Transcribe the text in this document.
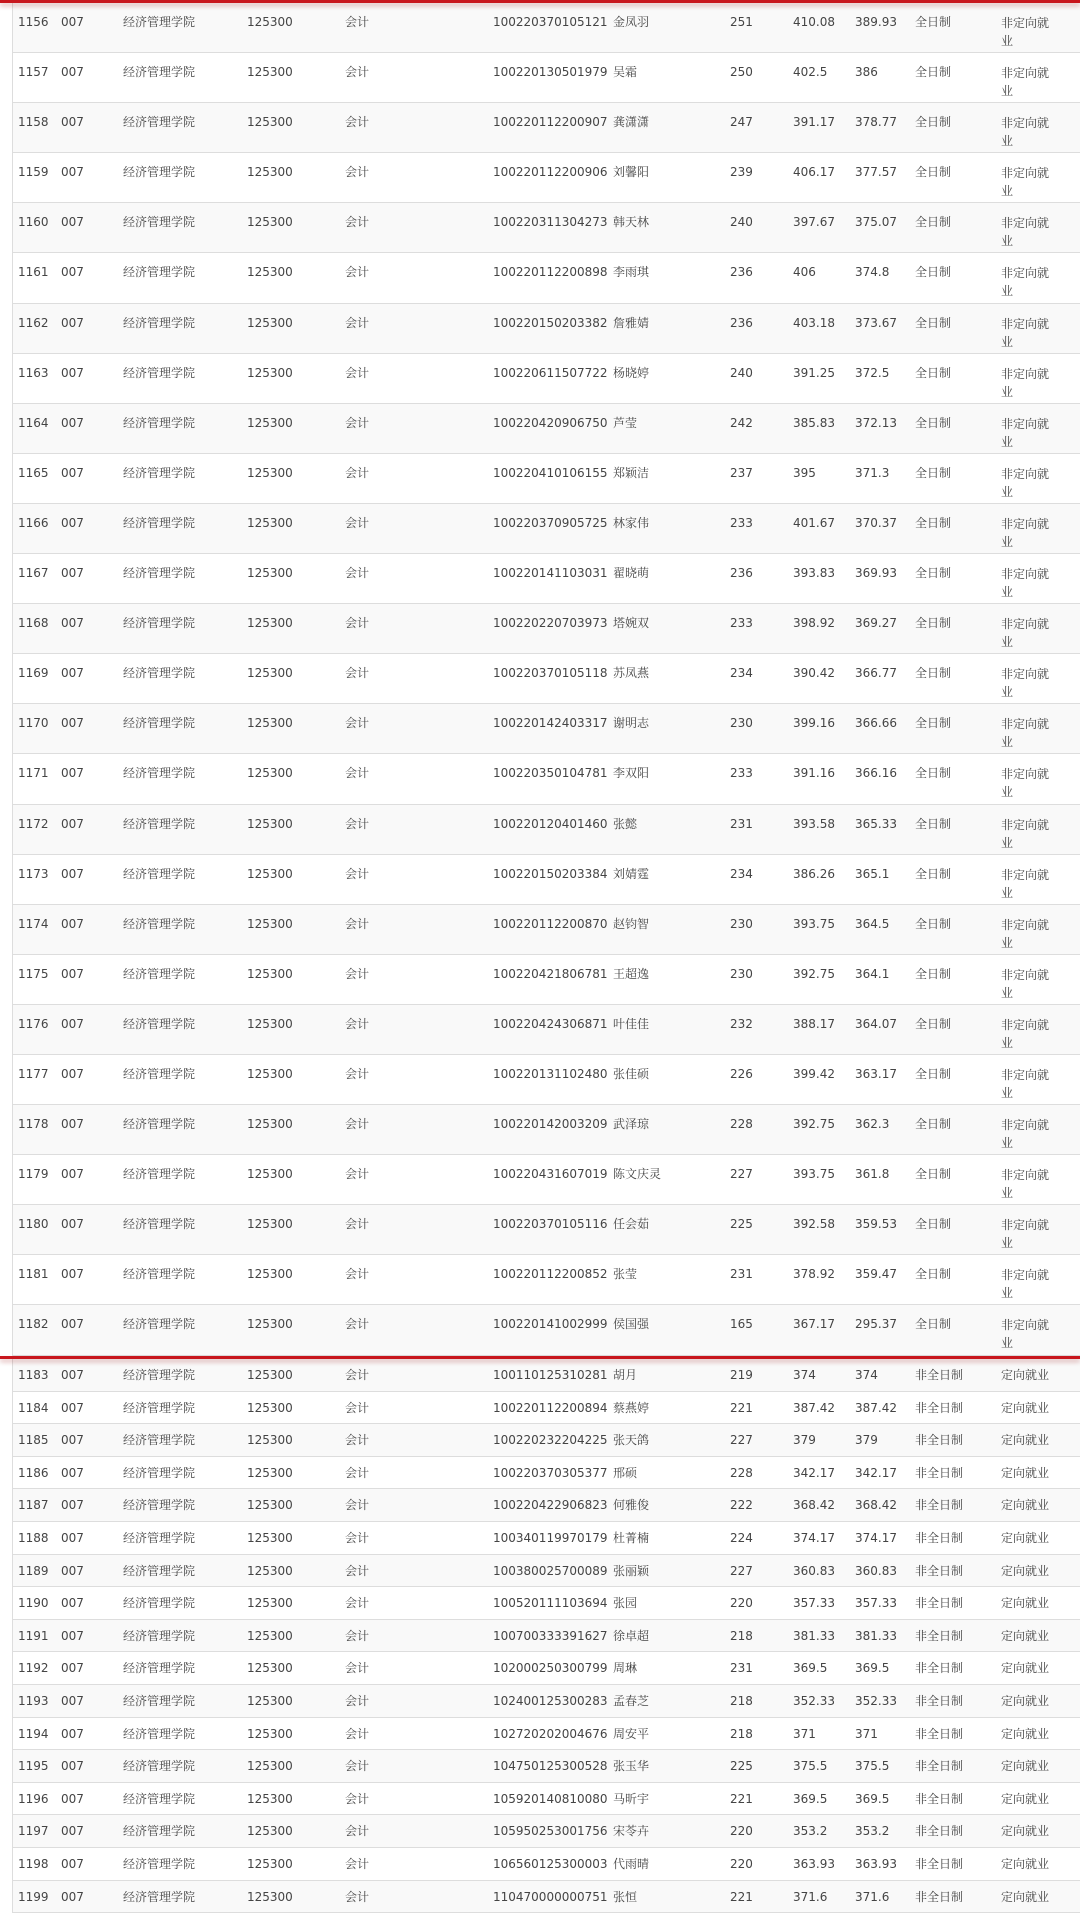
1156 007	经济管理学院	125300	会计	100220370105121 金凤羽	251	410.08 389.93 全日制	非定向就业
1157 007	经济管理学院	125300	会计	100220130501979 吴霜	250	402.5 386	全日制	非定向就业
1158 007	经济管理学院	125300	会计	100220112200907 龚潇潇	247	391.17 378.77 全日制	非定向就业
1159 007	经济管理学院	125300	会计	100220112200906 刘馨阳	239	406.17 377.57 全日制	非定向就业
1160 007	经济管理学院	125300	会计	100220311304273 韩天林	240	397.67 375.07 全日制	非定向就业
1161 007	经济管理学院	125300	会计	100220112200898 李雨琪	236	406	374.8 全日制	非定向就业
1162 007	经济管理学院	125300	会计	100220150203382 詹雅婧	236	403.18 373.67 全日制	非定向就业
1163 007	经济管理学院	125300	会计	100220611507722 杨晓婷	240	391.25 372.5 全日制	非定向就业
1164 007	经济管理学院	125300	会计	100220420906750 芦莹	242	385.83 372.13 全日制	非定向就业
1165 007	经济管理学院	125300	会计	100220410106155 郑颖洁	237	395	371.3 全日制	非定向就业
1166 007	经济管理学院	125300	会计	100220370905725 林家伟	233	401.67 370.37 全日制	非定向就业
1167 007	经济管理学院	125300	会计	100220141103031 翟晓萌	236	393.83 369.93 全日制	非定向就业
1168 007	经济管理学院	125300	会计	100220220703973 塔婉双	233	398.92 369.27 全日制	非定向就业
1169 007	经济管理学院	125300	会计	100220370105118 苏凤燕	234	390.42 366.77 全日制	非定向就业
1170 007	经济管理学院	125300	会计	100220142403317 谢明志	230	399.16 366.66 全日制	非定向就业
1171 007	经济管理学院	125300	会计	100220350104781 李双阳	233	391.16 366.16 全日制	非定向就业
1172 007	经济管理学院	125300	会计	100220120401460 张懿	231	393.58 365.33 全日制	非定向就业
1173 007	经济管理学院	125300	会计	100220150203384 刘婧霆	234	386.26 365.1 全日制	非定向就业
1174 007	经济管理学院	125300	会计	100220112200870 赵钧智	230	393.75 364.5 全日制	非定向就业
1175 007	经济管理学院	125300	会计	100220421806781 王超逸	230	392.75 364.1 全日制	非定向就业
1176 007	经济管理学院	125300	会计	100220424306871 叶佳佳	232	388.17 364.07 全日制	非定向就业
1177 007	经济管理学院	125300	会计	100220131102480 张佳硕	226	399.42 363.17 全日制	非定向就业
1178 007	经济管理学院	125300	会计	100220142003209 武泽琼	228	392.75 362.3 全日制	非定向就业
1179 007	经济管理学院	125300	会计	100220431607019 陈文庆灵	227	393.75 361.8 全日制	非定向就业
1180 007	经济管理学院	125300	会计	100220370105116 任会茹	225	392.58 359.53 全日制	非定向就业
1181 007	经济管理学院	125300	会计	100220112200852 张莹	231	378.92 359.47 全日制	非定向就业
1182 007	经济管理学院	125300	会计	100220141002999 侯国强	165	367.17 295.37 全日制	非定向就业
1183 007	经济管理学院	125300	会计	100110125310281 胡月	219	374	374	非全日制	定向就业
1184 007	经济管理学院	125300	会计	100220112200894 蔡燕婷	221	387.42 387.42 非全日制	定向就业
1185 007	经济管理学院	125300	会计	100220232204225 张天鸽	227	379	379	非全日制	定向就业
1186 007	经济管理学院	125300	会计	100220370305377 邢硕	228	342.17 342.17 非全日制	定向就业
1187 007	经济管理学院	125300	会计	100220422906823 何雅俊	222	368.42 368.42 非全日制	定向就业
1188 007	经济管理学院	125300	会计	100340119970179 杜菁楠	224	374.17 374.17 非全日制	定向就业
1189 007	经济管理学院	125300	会计	100380025700089 张丽颖	227	360.83 360.83 非全日制	定向就业
1190 007	经济管理学院	125300	会计	100520111103694 张园	220	357.33 357.33 非全日制	定向就业
1191 007	经济管理学院	125300	会计	100700333391627 徐卓超	218	381.33 381.33 非全日制	定向就业
1192 007	经济管理学院	125300	会计	102000250300799 周琳	231	369.5 369.5 非全日制	定向就业
1193 007	经济管理学院	125300	会计	102400125300283 孟春芝	218	352.33 352.33 非全日制	定向就业
1194 007	经济管理学院	125300	会计	102720202004676 周安平	218	371	371	非全日制	定向就业
1195 007	经济管理学院	125300	会计	104750125300528 张玉华	225	375.5 375.5 非全日制	定向就业
1196 007	经济管理学院	125300	会计	105920140810080 马昕宇	221	369.5 369.5 非全日制	定向就业
1197 007	经济管理学院	125300	会计	105950253001756 宋苓卉	220	353.2 353.2 非全日制	定向就业
1198 007	经济管理学院	125300	会计	106560125300003 代雨晴	220	363.93 363.93 非全日制	定向就业
1199 007	经济管理学院	125300	会计	110470000000751 张恒	221	371.6 371.6 非全日制	定向就业
